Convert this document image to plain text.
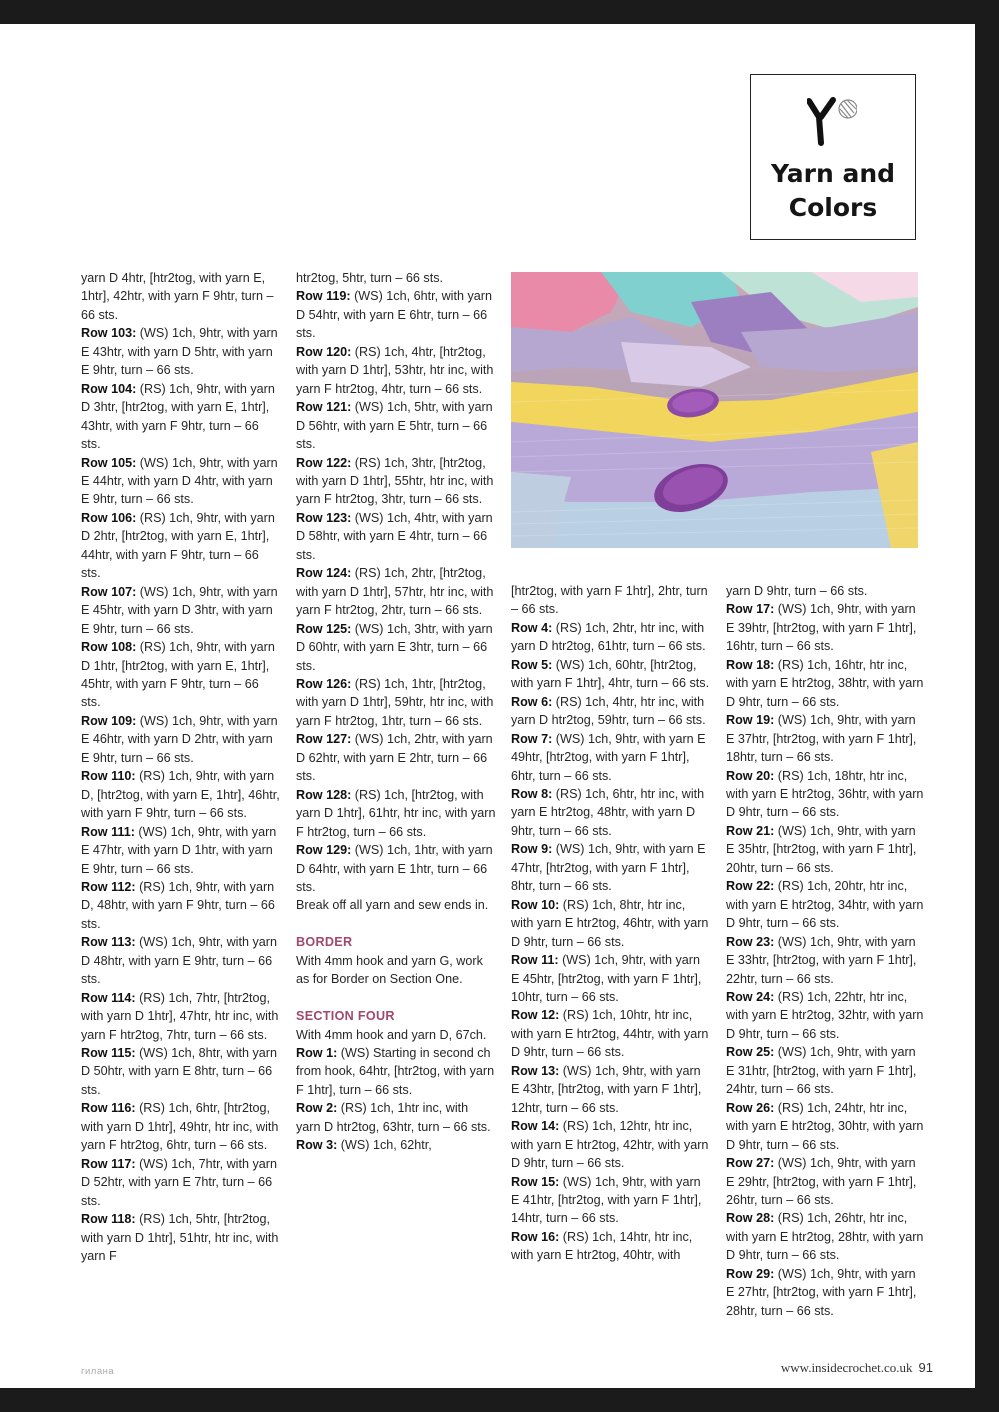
Yarn and
Colors

yarn D 4htr, [htr2tog, with yarn E, 1htr], 42htr, with yarn F 9htr, turn – 66 sts.

Row 103: (WS) 1ch, 9htr, with yarn E 43htr, with yarn D 5htr, with yarn E 9htr, turn – 66 sts.

Row 104: (RS) 1ch, 9htr, with yarn D 3htr, [htr2tog, with yarn E, 1htr], 43htr, with yarn F 9htr, turn – 66 sts.

Row 105: (WS) 1ch, 9htr, with yarn E 44htr, with yarn D 4htr, with yarn E 9htr, turn – 66 sts.

Row 106: (RS) 1ch, 9htr, with yarn D 2htr, [htr2tog, with yarn E, 1htr], 44htr, with yarn F 9htr, turn – 66 sts.

Row 107: (WS) 1ch, 9htr, with yarn E 45htr, with yarn D 3htr, with yarn E 9htr, turn – 66 sts.

Row 108: (RS) 1ch, 9htr, with yarn D 1htr, [htr2tog, with yarn E, 1htr], 45htr, with yarn F 9htr, turn – 66 sts.

Row 109: (WS) 1ch, 9htr, with yarn E 46htr, with yarn D 2htr, with yarn E 9htr, turn – 66 sts.

Row 110: (RS) 1ch, 9htr, with yarn D, [htr2tog, with yarn E, 1htr], 46htr, with yarn F 9htr, turn – 66 sts.

Row 111: (WS) 1ch, 9htr, with yarn E 47htr, with yarn D 1htr, with yarn E 9htr, turn – 66 sts.

Row 112: (RS) 1ch, 9htr, with yarn D, 48htr, with yarn F 9htr, turn – 66 sts.

Row 113: (WS) 1ch, 9htr, with yarn D 48htr, with yarn E 9htr, turn – 66 sts.

Row 114: (RS) 1ch, 7htr, [htr2tog, with yarn D 1htr], 47htr, htr inc, with yarn F htr2tog, 7htr, turn – 66 sts.

Row 115: (WS) 1ch, 8htr, with yarn D 50htr, with yarn E 8htr, turn – 66 sts.

Row 116: (RS) 1ch, 6htr, [htr2tog, with yarn D 1htr], 49htr, htr inc, with yarn F htr2tog, 6htr, turn – 66 sts.

Row 117: (WS) 1ch, 7htr, with yarn D 52htr, with yarn E 7htr, turn – 66 sts.

Row 118: (RS) 1ch, 5htr, [htr2tog, with yarn D 1htr], 51htr, htr inc, with yarn F

htr2tog, 5htr, turn – 66 sts.

Row 119: (WS) 1ch, 6htr, with yarn D 54htr, with yarn E 6htr, turn – 66 sts.

Row 120: (RS) 1ch, 4htr, [htr2tog, with yarn D 1htr], 53htr, htr inc, with yarn F htr2tog, 4htr, turn – 66 sts.

Row 121: (WS) 1ch, 5htr, with yarn D 56htr, with yarn E 5htr, turn – 66 sts.

Row 122: (RS) 1ch, 3htr, [htr2tog, with yarn D 1htr], 55htr, htr inc, with yarn F htr2tog, 3htr, turn – 66 sts.

Row 123: (WS) 1ch, 4htr, with yarn D 58htr, with yarn E 4htr, turn – 66 sts.

Row 124: (RS) 1ch, 2htr, [htr2tog, with yarn D 1htr], 57htr, htr inc, with yarn F htr2tog, 2htr, turn – 66 sts.

Row 125: (WS) 1ch, 3htr, with yarn D 60htr, with yarn E 3htr, turn – 66 sts.

Row 126: (RS) 1ch, 1htr, [htr2tog, with yarn D 1htr], 59htr, htr inc, with yarn F htr2tog, 1htr, turn – 66 sts.

Row 127: (WS) 1ch, 2htr, with yarn D 62htr, with yarn E 2htr, turn – 66 sts.

Row 128: (RS) 1ch, [htr2tog, with yarn D 1htr], 61htr, htr inc, with yarn F htr2tog, turn – 66 sts.

Row 129: (WS) 1ch, 1htr, with yarn D 64htr, with yarn E 1htr, turn – 66 sts.

Break off all yarn and sew ends in.

BORDER

With 4mm hook and yarn G, work as for Border on Section One.

SECTION FOUR

With 4mm hook and yarn D, 67ch.

Row 1: (WS) Starting in second ch from hook, 64htr, [htr2tog, with yarn F 1htr], turn – 66 sts.

Row 2: (RS) 1ch, 1htr inc, with yarn D htr2tog, 63htr, turn – 66 sts.

Row 3: (WS) 1ch, 62htr,

[htr2tog, with yarn F 1htr], 2htr, turn – 66 sts.

Row 4: (RS) 1ch, 2htr, htr inc, with yarn D htr2tog, 61htr, turn – 66 sts.

Row 5: (WS) 1ch, 60htr, [htr2tog, with yarn F 1htr], 4htr, turn – 66 sts.

Row 6: (RS) 1ch, 4htr, htr inc, with yarn D htr2tog, 59htr, turn – 66 sts.

Row 7: (WS) 1ch, 9htr, with yarn E 49htr, [htr2tog, with yarn F 1htr], 6htr, turn – 66 sts.

Row 8: (RS) 1ch, 6htr, htr inc, with yarn E htr2tog, 48htr, with yarn D 9htr, turn – 66 sts.

Row 9: (WS) 1ch, 9htr, with yarn E 47htr, [htr2tog, with yarn F 1htr], 8htr, turn – 66 sts.

Row 10: (RS) 1ch, 8htr, htr inc, with yarn E htr2tog, 46htr, with yarn D 9htr, turn – 66 sts.

Row 11: (WS) 1ch, 9htr, with yarn E 45htr, [htr2tog, with yarn F 1htr], 10htr, turn – 66 sts.

Row 12: (RS) 1ch, 10htr, htr inc, with yarn E htr2tog, 44htr, with yarn D 9htr, turn – 66 sts.

Row 13: (WS) 1ch, 9htr, with yarn E 43htr, [htr2tog, with yarn F 1htr], 12htr, turn – 66 sts.

Row 14: (RS) 1ch, 12htr, htr inc, with yarn E htr2tog, 42htr, with yarn D 9htr, turn – 66 sts.

Row 15: (WS) 1ch, 9htr, with yarn E 41htr, [htr2tog, with yarn F 1htr], 14htr, turn – 66 sts.

Row 16: (RS) 1ch, 14htr, htr inc, with yarn E htr2tog, 40htr, with

yarn D 9htr, turn – 66 sts.

Row 17: (WS) 1ch, 9htr, with yarn E 39htr, [htr2tog, with yarn F 1htr], 16htr, turn – 66 sts.

Row 18: (RS) 1ch, 16htr, htr inc, with yarn E htr2tog, 38htr, with yarn D 9htr, turn – 66 sts.

Row 19: (WS) 1ch, 9htr, with yarn E 37htr, [htr2tog, with yarn F 1htr], 18htr, turn – 66 sts.

Row 20: (RS) 1ch, 18htr, htr inc, with yarn E htr2tog, 36htr, with yarn D 9htr, turn – 66 sts.

Row 21: (WS) 1ch, 9htr, with yarn E 35htr, [htr2tog, with yarn F 1htr], 20htr, turn – 66 sts.

Row 22: (RS) 1ch, 20htr, htr inc, with yarn E htr2tog, 34htr, with yarn D 9htr, turn – 66 sts.

Row 23: (WS) 1ch, 9htr, with yarn E 33htr, [htr2tog, with yarn F 1htr], 22htr, turn – 66 sts.

Row 24: (RS) 1ch, 22htr, htr inc, with yarn E htr2tog, 32htr, with yarn D 9htr, turn – 66 sts.

Row 25: (WS) 1ch, 9htr, with yarn E 31htr, [htr2tog, with yarn F 1htr], 24htr, turn – 66 sts.

Row 26: (RS) 1ch, 24htr, htr inc, with yarn E htr2tog, 30htr, with yarn D 9htr, turn – 66 sts.

Row 27: (WS) 1ch, 9htr, with yarn E 29htr, [htr2tog, with yarn F 1htr], 26htr, turn – 66 sts.

Row 28: (RS) 1ch, 26htr, htr inc, with yarn E htr2tog, 28htr, with yarn D 9htr, turn – 66 sts.

Row 29: (WS) 1ch, 9htr, with yarn E 27htr, [htr2tog, with yarn F 1htr], 28htr, turn – 66 sts.

гилана	www.insidecrochet.co.uk 91
